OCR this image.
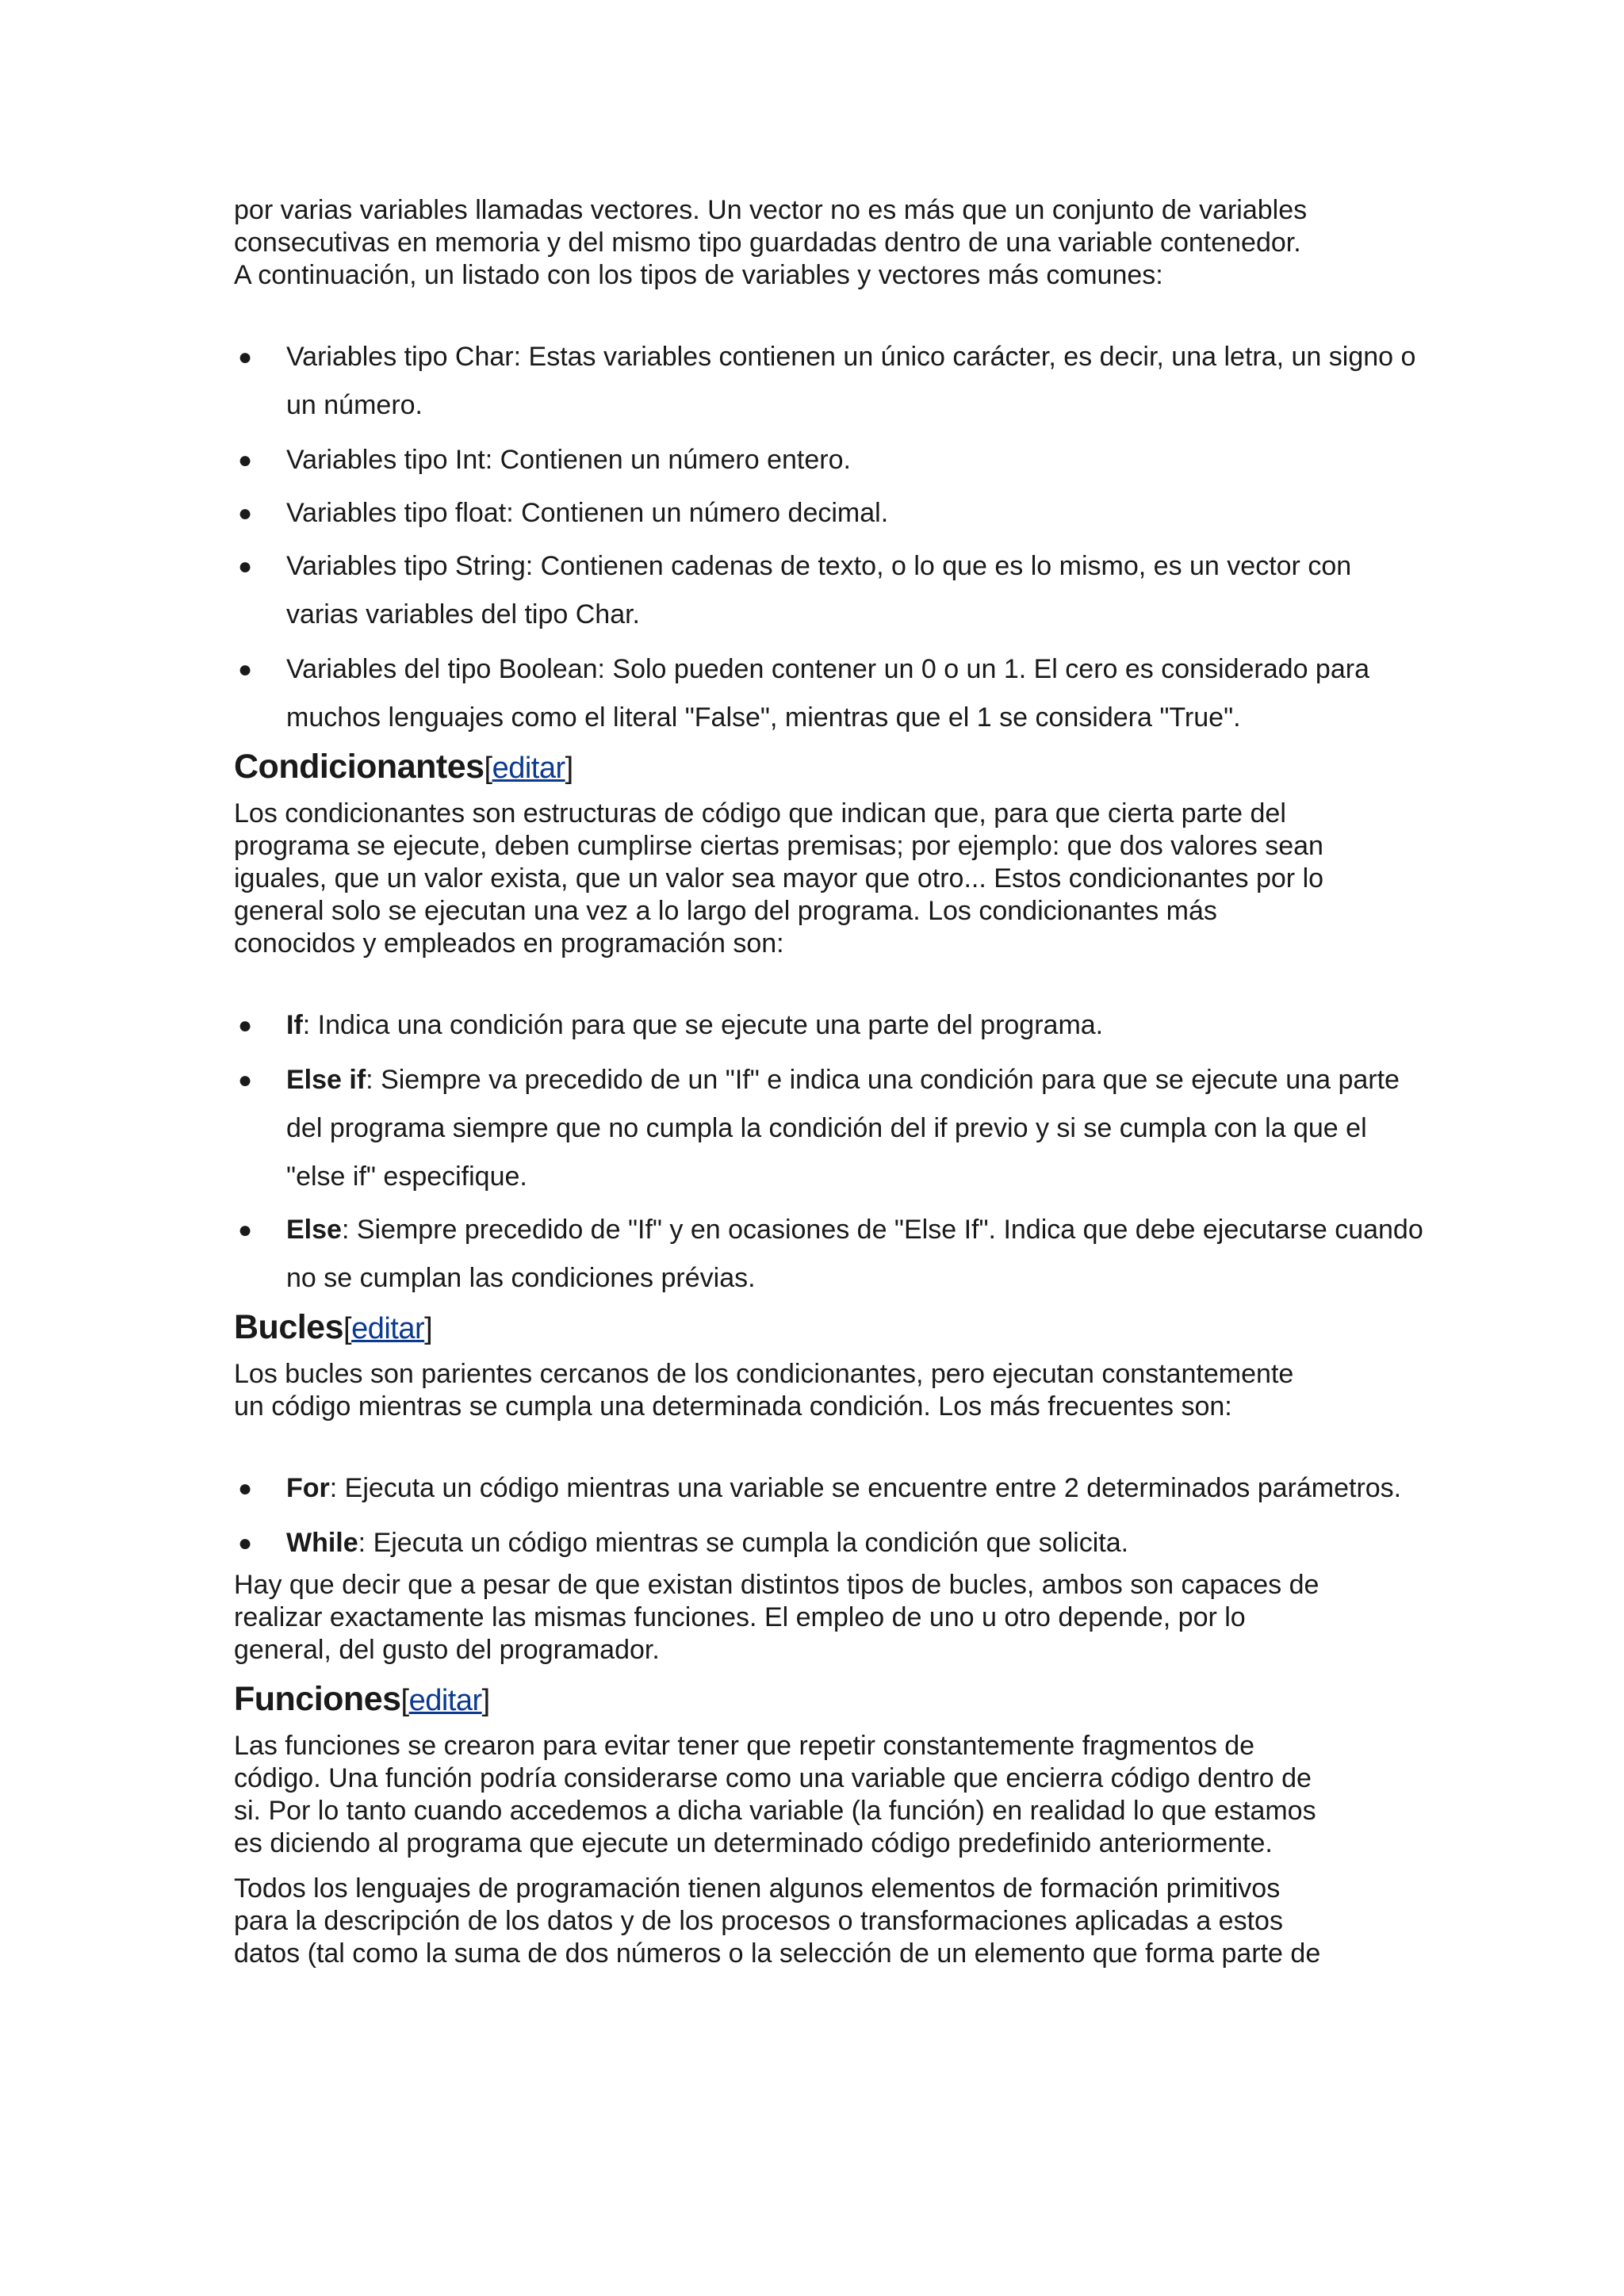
por varias variables llamadas vectores. Un vector no es más que un conjunto de variables
consecutivas en memoria y del mismo tipo guardadas dentro de una variable contenedor.
A continuación, un listado con los tipos de variables y vectores más comunes:

● Variables tipo Char: Estas variables contienen un único carácter, es decir, una letra, un signo o un número.
● Variables tipo Int: Contienen un número entero.
● Variables tipo float: Contienen un número decimal.
● Variables tipo String: Contienen cadenas de texto, o lo que es lo mismo, es un vector con varias variables del tipo Char.
● Variables del tipo Boolean: Solo pueden contener un 0 o un 1. El cero es considerado para muchos lenguajes como el literal "False", mientras que el 1 se considera "True".
Condicionantes[editar]

Los condicionantes son estructuras de código que indican que, para que cierta parte del
programa se ejecute, deben cumplirse ciertas premisas; por ejemplo: que dos valores sean
iguales, que un valor exista, que un valor sea mayor que otro... Estos condicionantes por lo
general solo se ejecutan una vez a lo largo del programa. Los condicionantes más
conocidos y empleados en programación son:

● If: Indica una condición para que se ejecute una parte del programa.
● Else if: Siempre va precedido de un "If" e indica una condición para que se ejecute una parte del programa siempre que no cumpla la condición del if previo y si se cumpla con la que el "else if" especifique.
● Else: Siempre precedido de "If" y en ocasiones de "Else If". Indica que debe ejecutarse cuando no se cumplan las condiciones prévias.
Bucles[editar]

Los bucles son parientes cercanos de los condicionantes, pero ejecutan constantemente
un código mientras se cumpla una determinada condición. Los más frecuentes son:

● For: Ejecuta un código mientras una variable se encuentre entre 2 determinados parámetros.
● While: Ejecuta un código mientras se cumpla la condición que solicita.

Hay que decir que a pesar de que existan distintos tipos de bucles, ambos son capaces de
realizar exactamente las mismas funciones. El empleo de uno u otro depende, por lo
general, del gusto del programador.

Funciones[editar]

Las funciones se crearon para evitar tener que repetir constantemente fragmentos de
código. Una función podría considerarse como una variable que encierra código dentro de
si. Por lo tanto cuando accedemos a dicha variable (la función) en realidad lo que estamos
es diciendo al programa que ejecute un determinado código predefinido anteriormente.

Todos los lenguajes de programación tienen algunos elementos de formación primitivos
para la descripción de los datos y de los procesos o transformaciones aplicadas a estos
datos (tal como la suma de dos números o la selección de un elemento que forma parte de
